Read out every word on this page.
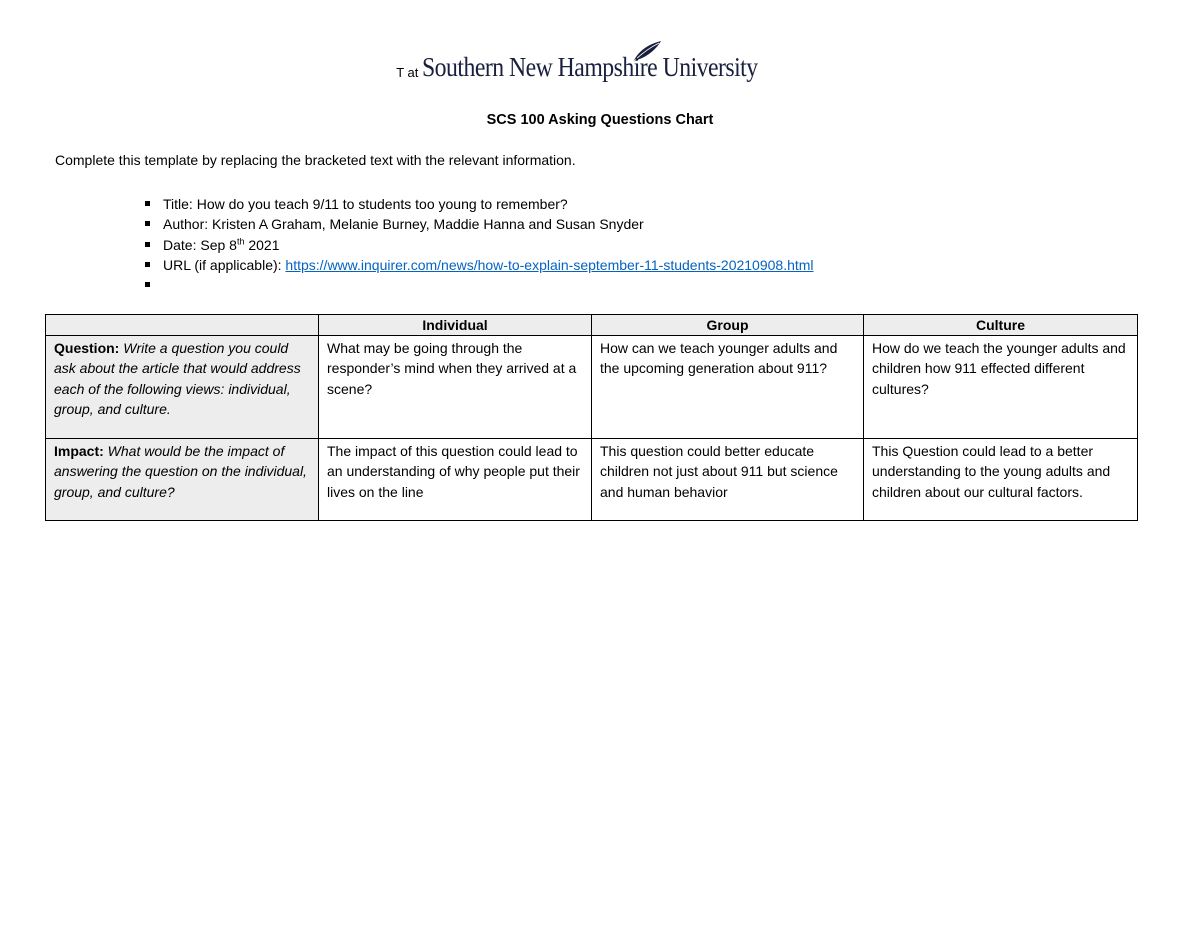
T at Southern New Hampshire University
SCS 100 Asking Questions Chart
Complete this template by replacing the bracketed text with the relevant information.
Title: How do you teach 9/11 to students too young to remember?
Author: Kristen A Graham, Melanie Burney, Maddie Hanna and Susan Snyder
Date: Sep 8th 2021
URL (if applicable): https://www.inquirer.com/news/how-to-explain-september-11-students-20210908.html
	Individual	Group	Culture
Question: Write a question you could ask about the article that would address each of the following views: individual, group, and culture.	What may be going through the responder’s mind when they arrived at a scene?	How can we teach younger adults and the upcoming generation about 911?	How do we teach the younger adults and children how 911 effected different cultures?
Impact: What would be the impact of answering the question on the individual, group, and culture?	The impact of this question could lead to an understanding of why people put their lives on the line	This question could better educate children not just about 911 but science and human behavior	This Question could lead to a better understanding to the young adults and children about our cultural factors.
